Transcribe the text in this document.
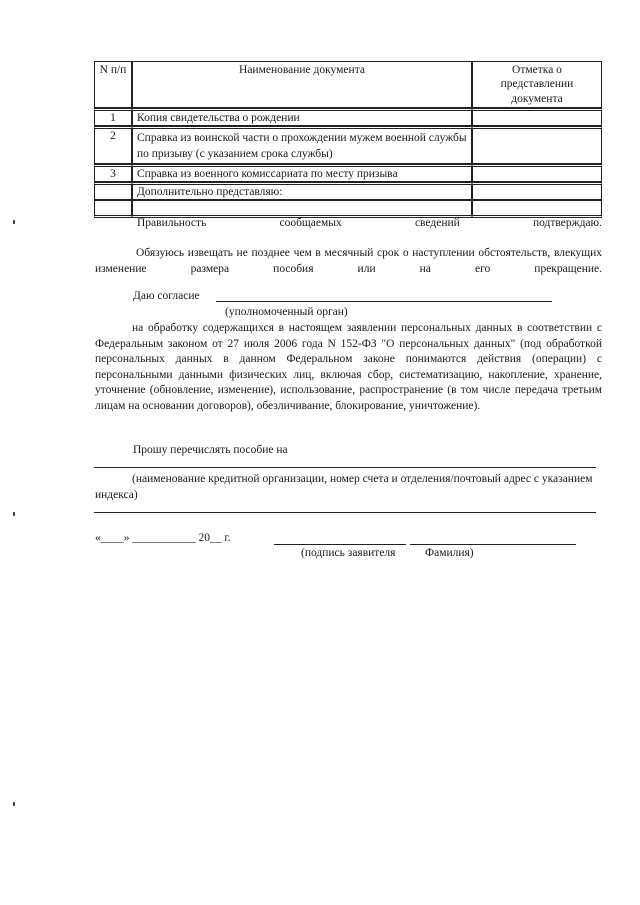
N п/п	Наименование документа	Отметка о представлении документа
1	Копия свидетельства о рождении	
2	Справка из воинской части о прохождении мужем военной службы по призыву (с указанием срока службы)	
3	Справка из военного комиссариата по месту призыва	
	Дополнительно представляю:	

Правильность сообщаемых сведений подтверждаю.
Обязуюсь извещать не позднее чем в месячный срок о наступлении обстоятельств, влекущих изменение размера пособия или на его прекращение.
Даю согласие
(уполномоченный орган)
на обработку содержащихся в настоящем заявлении персональных данных в соответствии с Федеральным законом от 27 июля 2006 года N 152-ФЗ "О персональных данных" (под обработкой персональных данных в данном Федеральном законе понимаются действия (операции) с персональными данными физических лиц, включая сбор, систематизацию, накопление, хранение, уточнение (обновление, изменение), использование, распространение (в том числе передача третьим лицам на основании договоров), обезличивание, блокирование, уничтожение).
Прошу перечислять пособие на
(наименование кредитной организации, номер счета и отделения/почтовый адрес с указанием индекса)
«____» ___________ 20__ г.
(подпись заявителя	Фамилия)
